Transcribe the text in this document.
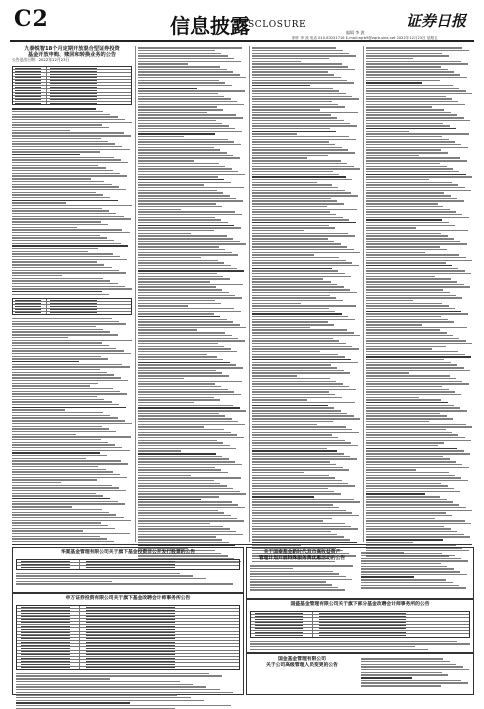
C2	信息披露
DISCLOSURE	证券日报
编辑 李 波
制作 李 波 电话 010-83251716 E-mail:zqrb9@zqrb.sina.net 2022年12月23日 星期五
九泰锐智18个月定期开放混合型证券投资
基金开放申购、赎回和转换业务的公告
公告送出日期：2022年12月23日
华夏基金管理有限公司关于旗下基金投资非公开发行股票的公告
申万证券投资有限公司关于旗下基金改聘会计师事务所公告
关于国泰基金新时代双币高收益资产
管理计划开展特殊服务费优惠活动的公告
国盛基金管理有限公司关于旗下部分基金改聘会计师事务所的公告
国金基金管理有限公司
关于公司高级管理人员变更的公告
